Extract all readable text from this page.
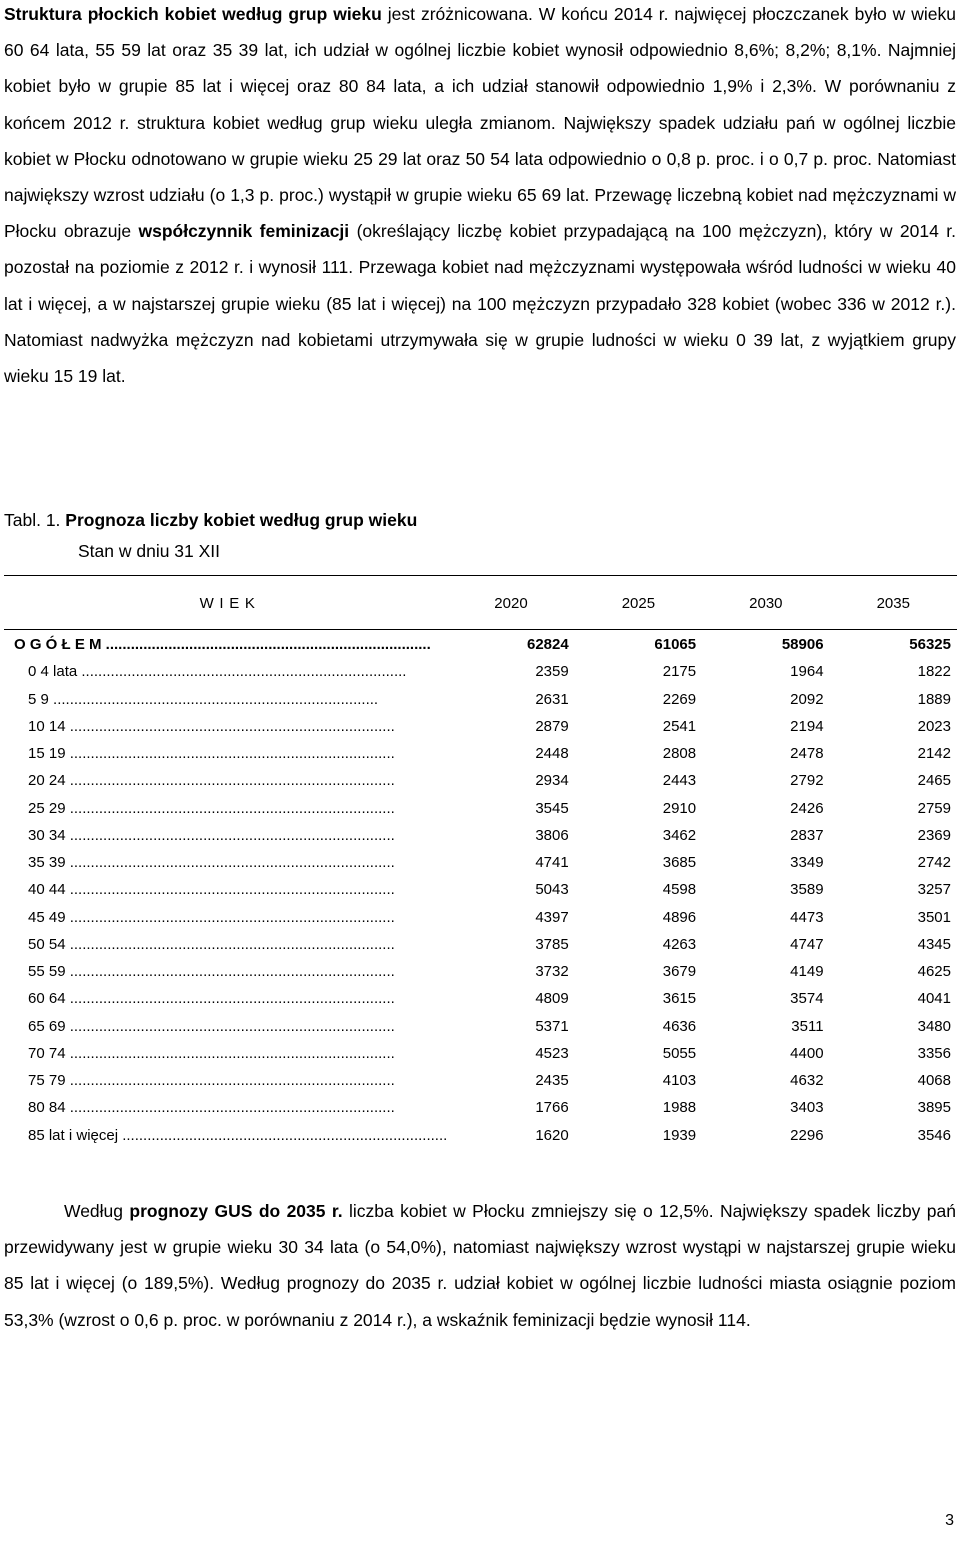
Struktura płockich kobiet według grup wieku jest zróżnicowana. W końcu 2014 r. najwięcej płoczczanek było w wieku 60 64 lata, 55 59 lat oraz 35 39 lat, ich udział w ogólnej liczbie kobiet wynosił odpowiednio 8,6%; 8,2%; 8,1%. Najmniej kobiet było w grupie 85 lat i więcej oraz 80 84 lata, a ich udział stanowił odpowiednio 1,9% i 2,3%. W porównaniu z końcem 2012 r. struktura kobiet według grup wieku uległa zmianom. Największy spadek udziału pań w ogólnej liczbie kobiet w Płocku odnotowano w grupie wieku 25 29 lat oraz 50 54 lata odpowiednio o 0,8 p. proc. i o 0,7 p. proc. Natomiast największy wzrost udziału (o 1,3 p. proc.) wystąpił w grupie wieku 65 69 lat. Przewagę liczebną kobiet nad mężczyznami w Płocku obrazuje współczynnik feminizacji (określający liczbę kobiet przypadającą na 100 mężczyzn), który w 2014 r. pozostał na poziomie z 2012 r. i wynosił 111. Przewaga kobiet nad mężczyznami występowała wśród ludności w wieku 40 lat i więcej, a w najstarszej grupie wieku (85 lat i więcej) na 100 mężczyzn przypadało 328 kobiet (wobec 336 w 2012 r.). Natomiast nadwyżka mężczyzn nad kobietami utrzymywała się w grupie ludności w wieku 0 39 lat, z wyjątkiem grupy wieku 15 19 lat.

Tabl. 1. Prognoza liczby kobiet według grup wieku

Stan w dniu 31 XII

W I E K	2020	2025	2030	2035

O G Ó Ł E M .....	62824	61065	58906	56325
0 4 lata .....	2359	2175	1964	1822
5 9 .....	2631	2269	2092	1889
10 14 .....	2879	2541	2194	2023
15 19 .....	2448	2808	2478	2142
20 24 .....	2934	2443	2792	2465
25 29 .....	3545	2910	2426	2759
30 34 .....	3806	3462	2837	2369
35 39 .....	4741	3685	3349	2742
40 44 .....	5043	4598	3589	3257
45 49 .....	4397	4896	4473	3501
50 54 .....	3785	4263	4747	4345
55 59 .....	3732	3679	4149	4625
60 64 .....	4809	3615	3574	4041
65 69 .....	5371	4636	3511	3480
70 74 .....	4523	5055	4400	3356
75 79 .....	2435	4103	4632	4068
80 84 .....	1766	1988	3403	3895
85 lat i więcej .....	1620	1939	2296	3546

Według prognozy GUS do 2035 r. liczba kobiet w Płocku zmniejszy się o 12,5%. Największy spadek liczby pań przewidywany jest w grupie wieku 30 34 lata (o 54,0%), natomiast największy wzrost wystąpi w najstarszej grupie wieku 85 lat i więcej (o 189,5%). Według prognozy do 2035 r. udział kobiet w ogólnej liczbie ludności miasta osiągnie poziom 53,3% (wzrost o 0,6 p. proc. w porównaniu z 2014 r.), a wskaźnik feminizacji będzie wynosił 114.

3
